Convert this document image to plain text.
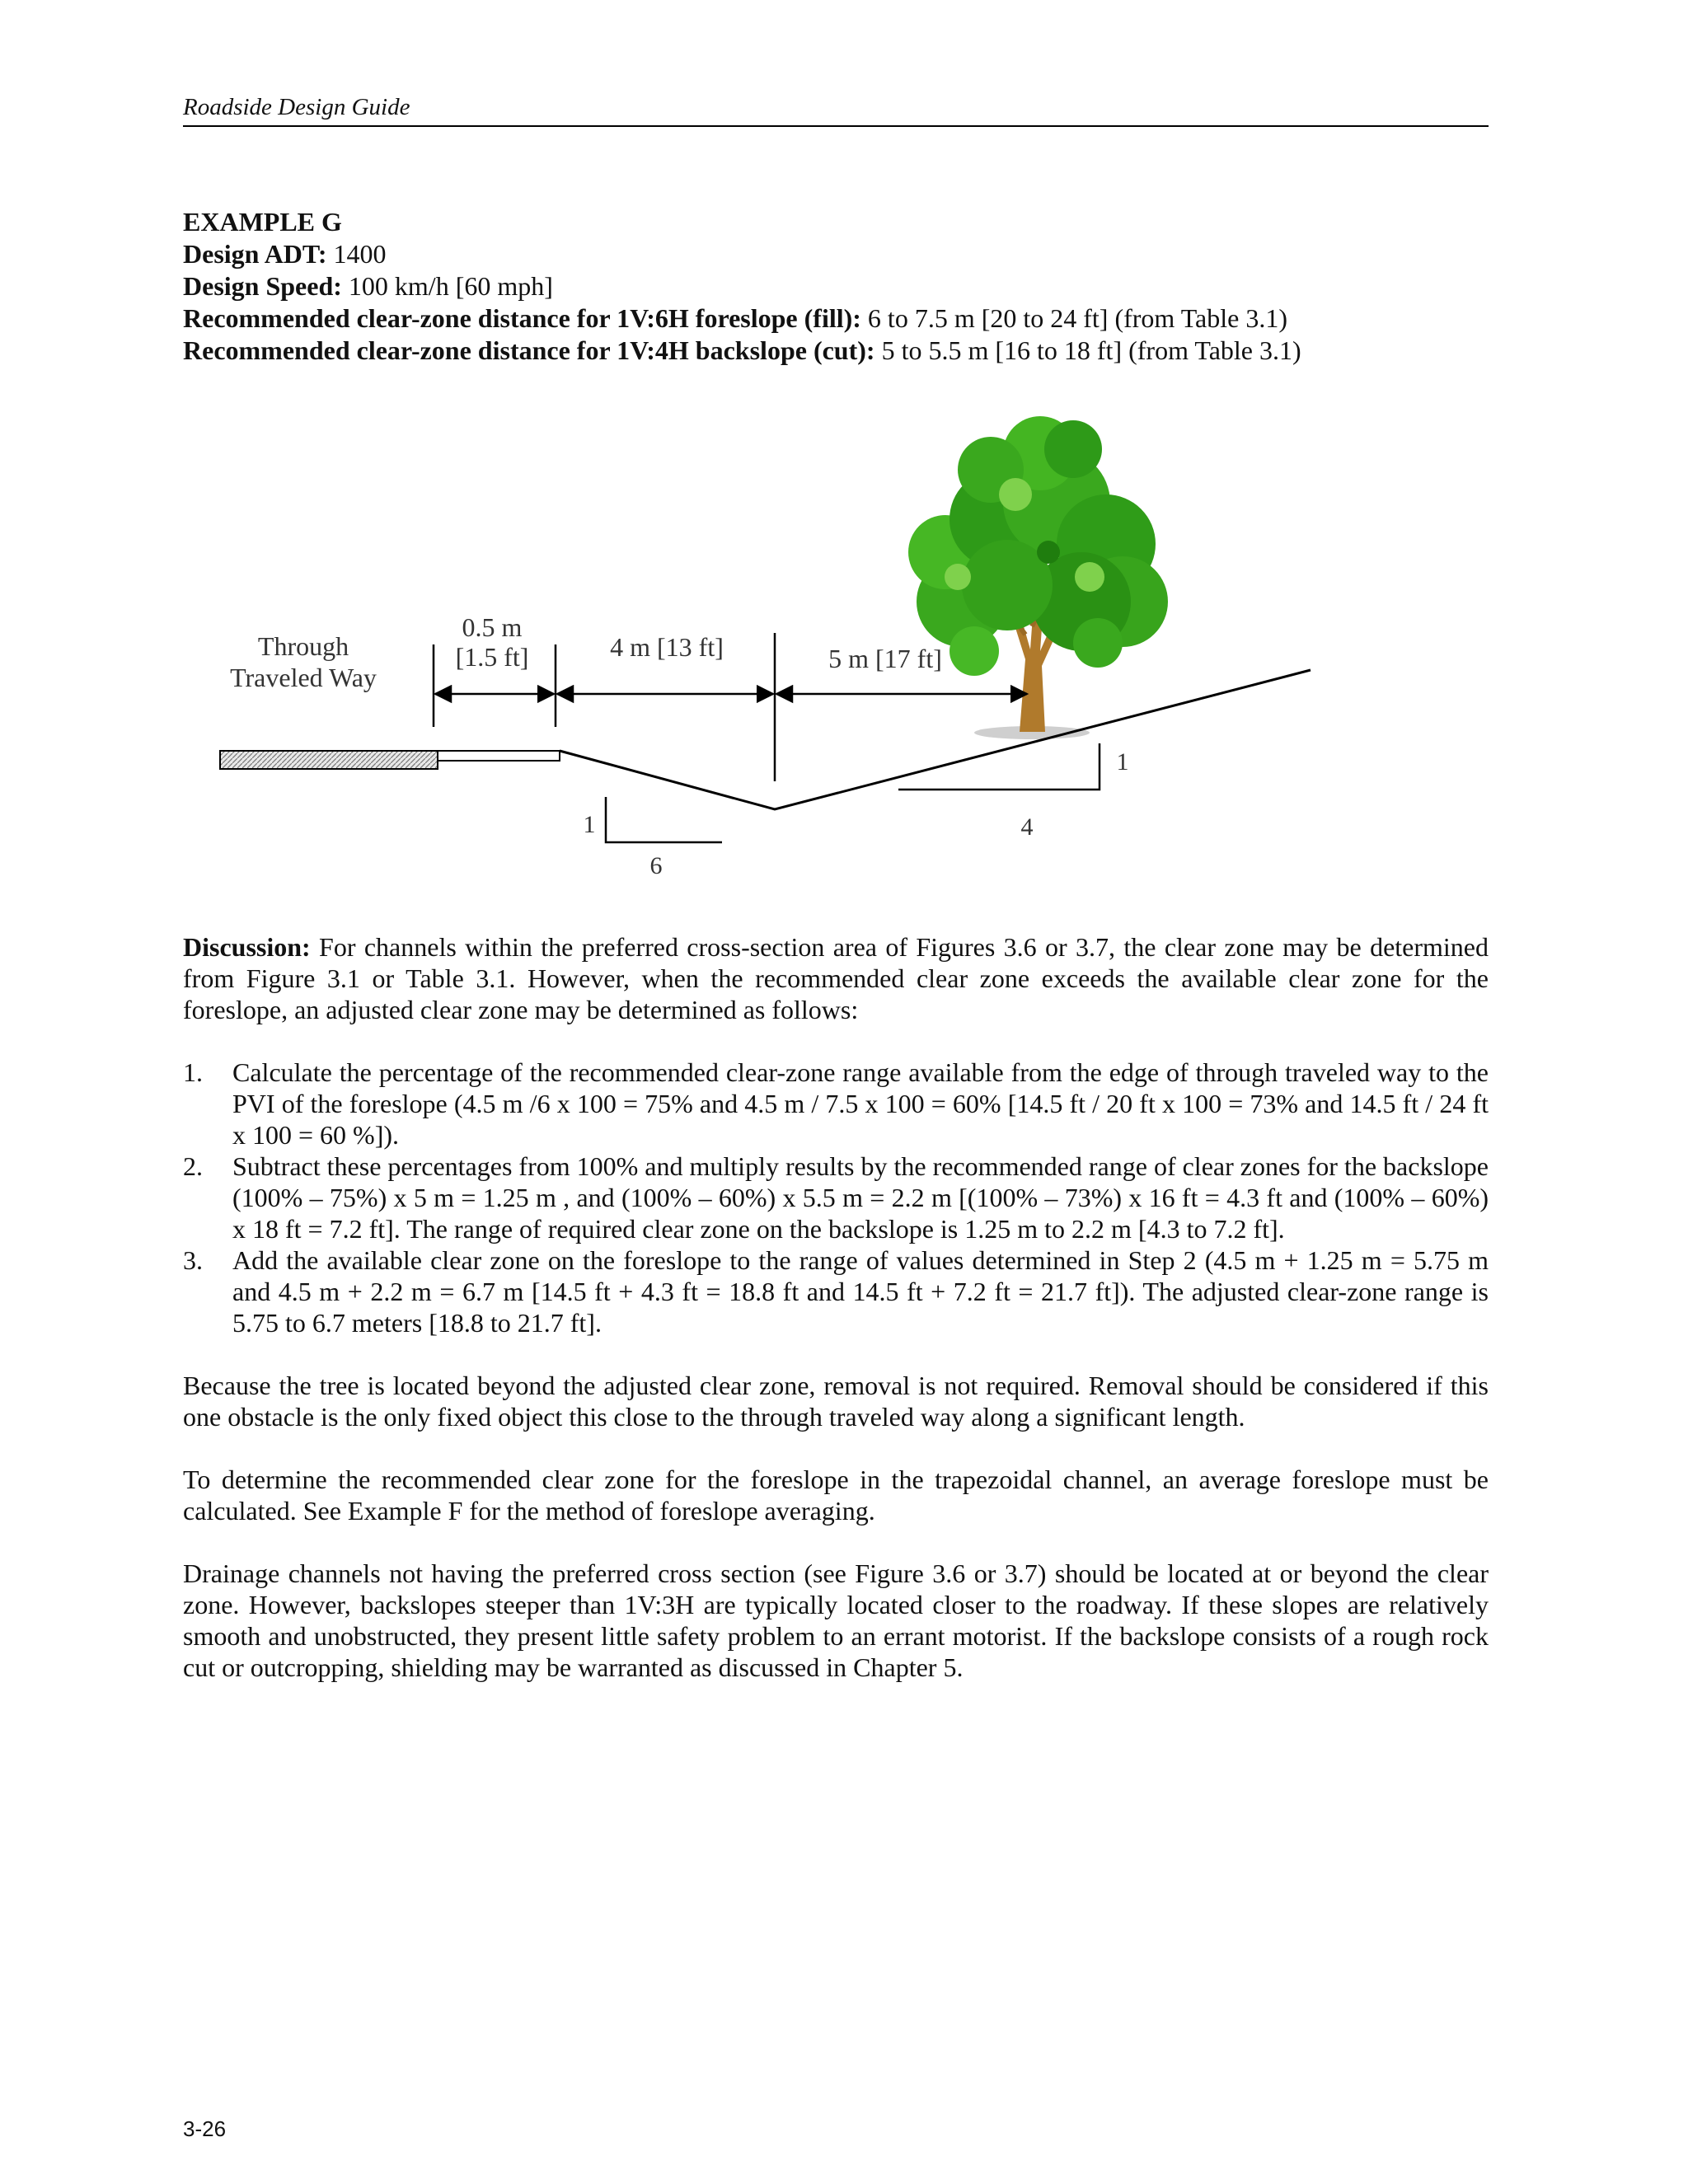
Roadside Design Guide
EXAMPLE G
Design ADT: 1400
Design Speed: 100 km/h [60 mph]
Recommended clear-zone distance for 1V:6H foreslope (fill): 6 to 7.5 m [20 to 24 ft] (from Table 3.1)
Recommended clear-zone distance for 1V:4H backslope (cut): 5 to 5.5 m [16 to 18 ft] (from Table 3.1)
Through
Traveled Way
0.5 m
[1.5 ft]	4 m [13 ft]	5 m [17 ft]
1
6
1
4

Discussion: For channels within the preferred cross-section area of Figures 3.6 or 3.7, the clear zone may be determined from Figure 3.1 or Table 3.1. However, when the recommended clear zone exceeds the available clear zone for the foreslope, an adjusted clear zone may be determined as follows:

1. Calculate the percentage of the recommended clear-zone range available from the edge of through traveled way to the PVI of the foreslope (4.5 m /6 x 100 = 75% and 4.5 m / 7.5 x 100 = 60% [14.5 ft / 20 ft x 100 = 73% and 14.5 ft / 24 ft x 100 = 60 %]).
2. Subtract these percentages from 100% and multiply results by the recommended range of clear zones for the backslope (100% – 75%) x 5 m = 1.25 m , and (100% – 60%) x 5.5 m = 2.2 m [(100% – 73%) x 16 ft = 4.3 ft and (100% – 60%) x 18 ft = 7.2 ft]. The range of required clear zone on the backslope is 1.25 m to 2.2 m [4.3 to 7.2 ft].
3. Add the available clear zone on the foreslope to the range of values determined in Step 2 (4.5 m + 1.25 m = 5.75 m and 4.5 m + 2.2 m = 6.7 m [14.5 ft + 4.3 ft = 18.8 ft and 14.5 ft + 7.2 ft = 21.7 ft]). The adjusted clear-zone range is 5.75 to 6.7 meters [18.8 to 21.7 ft].

Because the tree is located beyond the adjusted clear zone, removal is not required. Removal should be considered if this one obstacle is the only fixed object this close to the through traveled way along a significant length.

To determine the recommended clear zone for the foreslope in the trapezoidal channel, an average foreslope must be calculated. See Example F for the method of foreslope averaging.

Drainage channels not having the preferred cross section (see Figure 3.6 or 3.7) should be located at or beyond the clear zone. However, backslopes steeper than 1V:3H are typically located closer to the roadway. If these slopes are relatively smooth and unobstructed, they present little safety problem to an errant motorist. If the backslope consists of a rough rock cut or outcropping, shielding may be warranted as discussed in Chapter 5.

3-26
